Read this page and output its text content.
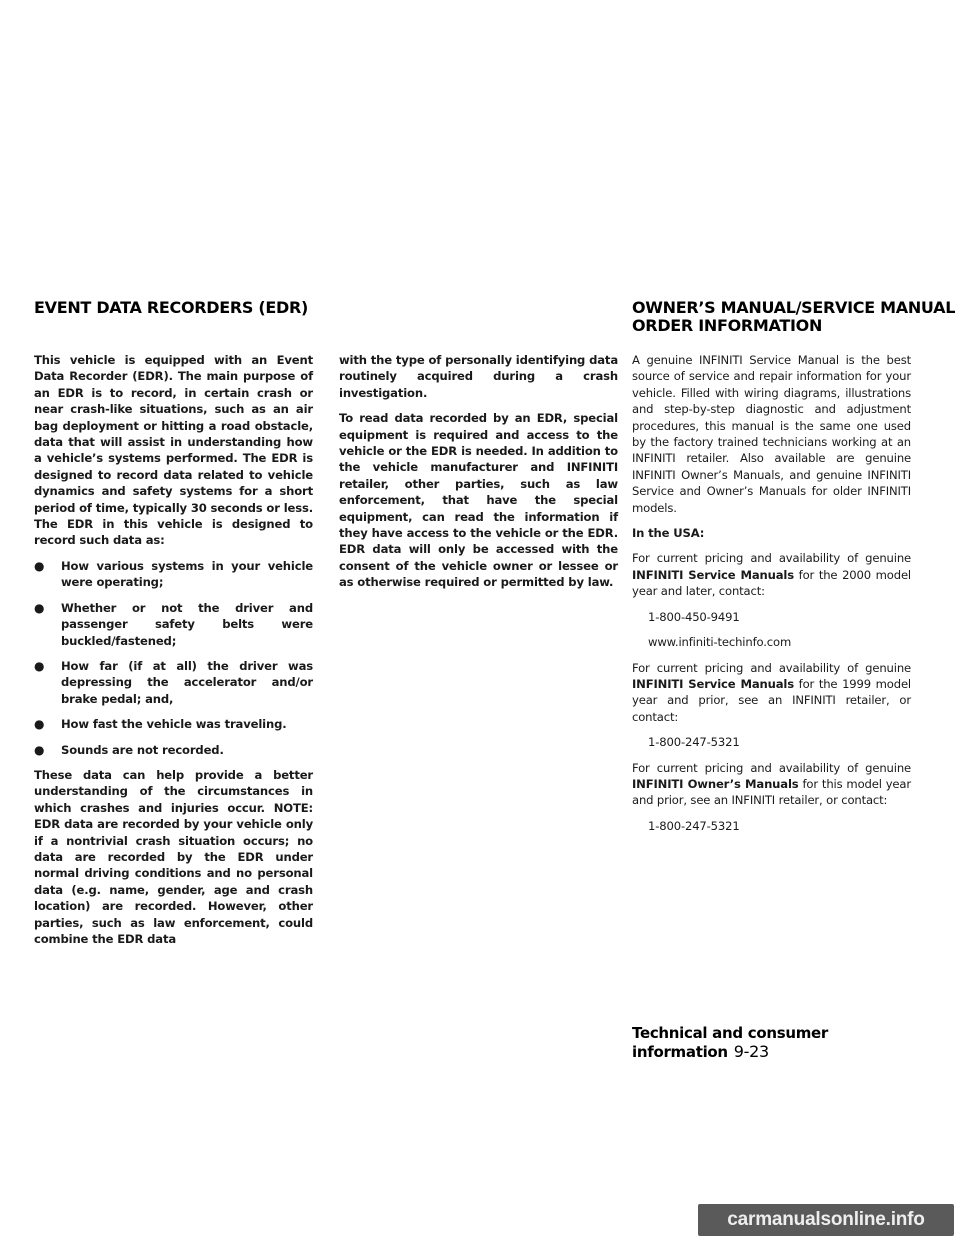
EVENT DATA RECORDERS (EDR)	OWNER’S MANUAL/SERVICE MANUAL
ORDER INFORMATION

This vehicle is equipped with an Event Data Recorder (EDR). The main purpose of an EDR is to record, in certain crash or near crash-like situations, such as an air bag deployment or hitting a road obstacle, data that will assist in understanding how a vehicle’s systems performed. The EDR is designed to record data related to vehicle dynamics and safety systems for a short period of time, typically 30 seconds or less. The EDR in this vehicle is designed to record such data as:

● How various systems in your vehicle were operating;
● Whether or not the driver and passenger safety belts were buckled/fastened;
● How far (if at all) the driver was depressing the accelerator and/or brake pedal; and,
● How fast the vehicle was traveling.
● Sounds are not recorded.

These data can help provide a better understanding of the circumstances in which crashes and injuries occur. NOTE: EDR data are recorded by your vehicle only if a nontrivial crash situation occurs; no data are recorded by the EDR under normal driving conditions and no personal data (e.g. name, gender, age and crash location) are recorded. However, other parties, such as law enforcement, could combine the EDR data

with the type of personally identifying data routinely acquired during a crash investigation.

To read data recorded by an EDR, special equipment is required and access to the vehicle or the EDR is needed. In addition to the vehicle manufacturer and INFINITI retailer, other parties, such as law enforcement, that have the special equipment, can read the information if they have access to the vehicle or the EDR. EDR data will only be accessed with the consent of the vehicle owner or lessee or as otherwise required or permitted by law.

A genuine INFINITI Service Manual is the best source of service and repair information for your vehicle. Filled with wiring diagrams, illustrations and step-by-step diagnostic and adjustment procedures, this manual is the same one used by the factory trained technicians working at an INFINITI retailer. Also available are genuine INFINITI Owner’s Manuals, and genuine INFINITI Service and Owner’s Manuals for older INFINITI models.

In the USA:

For current pricing and availability of genuine INFINITI Service Manuals for the 2000 model year and later, contact:

1-800-450-9491

www.infiniti-techinfo.com

For current pricing and availability of genuine INFINITI Service Manuals for the 1999 model year and prior, see an INFINITI retailer, or contact:

1-800-247-5321

For current pricing and availability of genuine INFINITI Owner’s Manuals for this model year and prior, see an INFINITI retailer, or contact:

1-800-247-5321

Technical and consumer information 9-23
carmanualsonline.info
